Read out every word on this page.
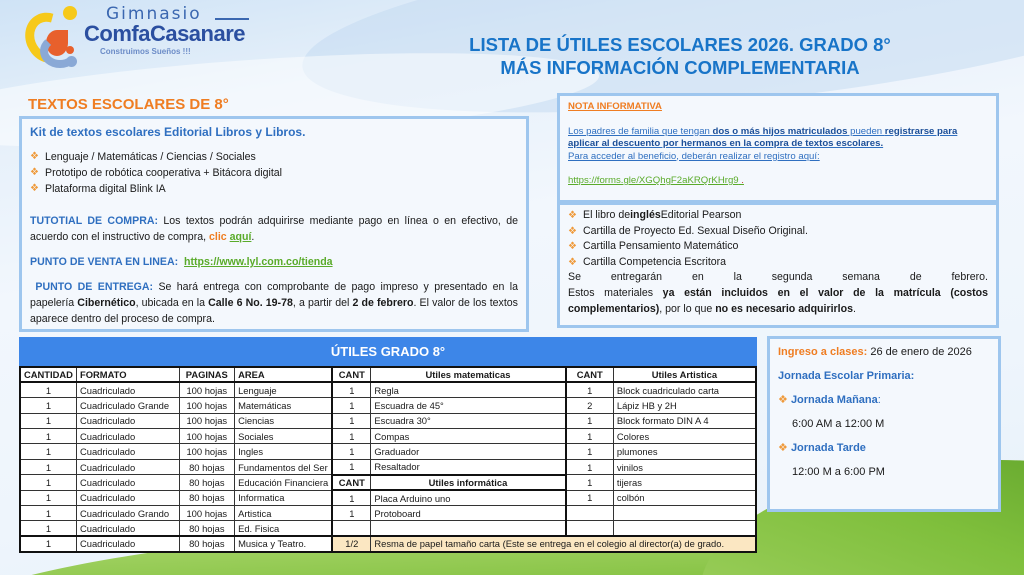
Gimnasio
ComfaCasanare
Construimos Sueños !!!	LISTA DE ÚTILES ESCOLARES 2026. GRADO 8°
MÁS INFORMACIÓN COMPLEMENTARIA
TEXTOS ESCOLARES DE 8°
Kit de textos escolares Editorial Libros y Libros.
❖ Lenguaje / Matemáticas / Ciencias / Sociales
❖ Prototipo de robótica cooperativa + Bitácora digital
❖ Plataforma digital Blink IA
TUTOTIAL DE COMPRA: Los textos podrán adquirirse mediante pago en línea o en efectivo, de acuerdo con el instructivo de compra, clic aquí.
PUNTO DE VENTA EN LINEA: https://www.lyl.com.co/tienda
PUNTO DE ENTREGA: Se hará entrega con comprobante de pago impreso y presentado en la papelería Cibernético, ubicada en la Calle 6 No. 19-78, a partir del 2 de febrero. El valor de los textos aparece dentro del proceso de compra.
NOTA INFORMATIVA
Los padres de familia que tengan dos o más hijos matriculados pueden registrarse para aplicar al descuento por hermanos en la compra de textos escolares.
Para acceder al beneficio, deberán realizar el registro aquí:
https://forms.gle/XGQhgF2aKRQrKHrg9 .
❖ El libro de inglés Editorial Pearson
❖ Cartilla de Proyecto Ed. Sexual Diseño Original.
❖ Cartilla Pensamiento Matemático
❖ Cartilla Competencia Escritora
Se entregarán en la segunda semana de febrero.
Estos materiales ya están incluidos en el valor de la matrícula (costos complementarios), por lo que no es necesario adquirirlos.
Ingreso a clases: 26 de enero de 2026
Jornada Escolar Primaria:
❖ Jornada Mañana:
6:00 AM a 12:00 M
❖ Jornada Tarde
12:00 M a 6:00 PM
ÚTILES GRADO 8°
CANTIDAD	FORMATO	PAGINAS	AREA	CANT	Utiles matematicas	CANT	Utiles Artistica
1	Cuadriculado	100 hojas	Lenguaje	1	Regla	1	Block cuadriculado carta
1	Cuadriculado Grande	100 hojas	Matemáticas	1	Escuadra de 45°	2	Lápiz HB y 2H
1	Cuadriculado	100 hojas	Ciencias	1	Escuadra 30°	1	Block formato DIN A 4
1	Cuadriculado	100 hojas	Sociales	1	Compas	1	Colores
1	Cuadriculado	100 hojas	Ingles	1	Graduador	1	plumones
1	Cuadriculado	80 hojas	Fundamentos del Ser	1	Resaltador	1	vinilos
1	Cuadriculado	80 hojas	Educación Financiera	CANT	Utiles informática	1	tijeras
1	Cuadriculado	80 hojas	Informatica	1	Placa Arduino uno	1	colbón
1	Cuadriculado Grando	100 hojas	Artistica	1	Protoboard		
1	Cuadriculado	80 hojas	Ed. Fisica				
1	Cuadriculado	80 hojas	Musica y Teatro.	1/2	Resma de papel tamaño carta (Este se entrega en el colegio al director(a) de grado.		
